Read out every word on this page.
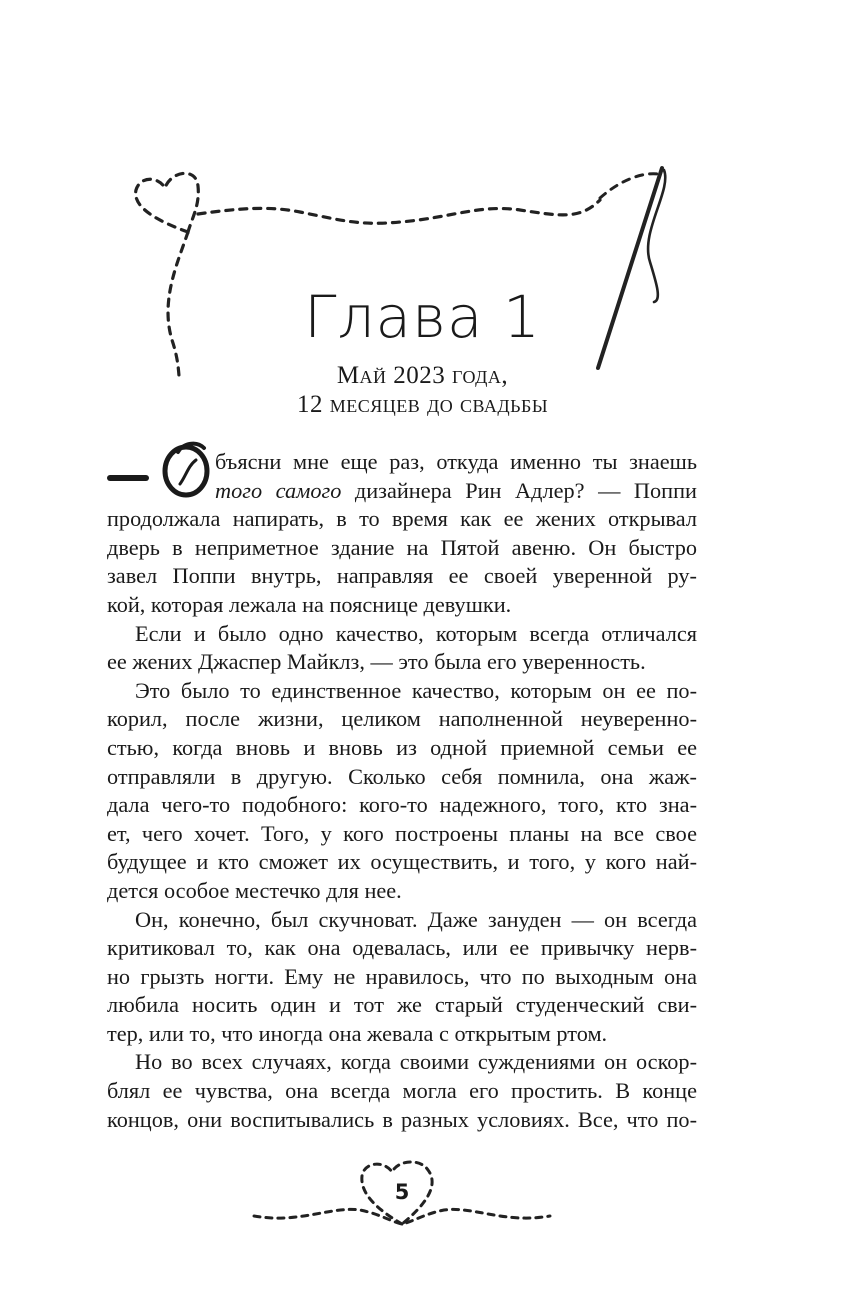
Глава 1
Май 2023 года,
12 месяцев до свадьбы
О
бъясни мне еще раз, откуда именно ты знаешь
того самого дизайнера Рин Адлер? — Поппи
продолжала напирать, в то время как ее жених открывал
дверь в неприметное здание на Пятой авеню. Он быстро
завел Поппи внутрь, направляя ее своей уверенной ру-
кой, которая лежала на пояснице девушки.
Если и было одно качество, которым всегда отличался
ее жених Джаспер Майклз, — это была его уверенность.
Это было то единственное качество, которым он ее по-
корил, после жизни, целиком наполненной неувереннo-
стью, когда вновь и вновь из одной приемной семьи ее
отправляли в другую. Сколько себя помнила, она жаж-
дала чего-то подобного: кого-то надежного, того, кто зна-
ет, чего хочет. Того, у кого построены планы на все свое
будущее и кто сможет их осуществить, и того, у кого най-
дется особое местечко для нее.
Он, конечно, был скучноват. Даже зануден — он всегда
критиковал то, как она одевалась, или ее привычку нерв-
но грызть ногти. Ему не нравилось, что по выходным она
любила носить один и тот же старый студенческий сви-
тер, или то, что иногда она жевала с открытым ртом.
Но во всех случаях, когда своими суждениями он оскор-
блял ее чувства, она всегда могла его простить. В конце
концов, они воспитывались в разных условиях. Все, что по-
5
